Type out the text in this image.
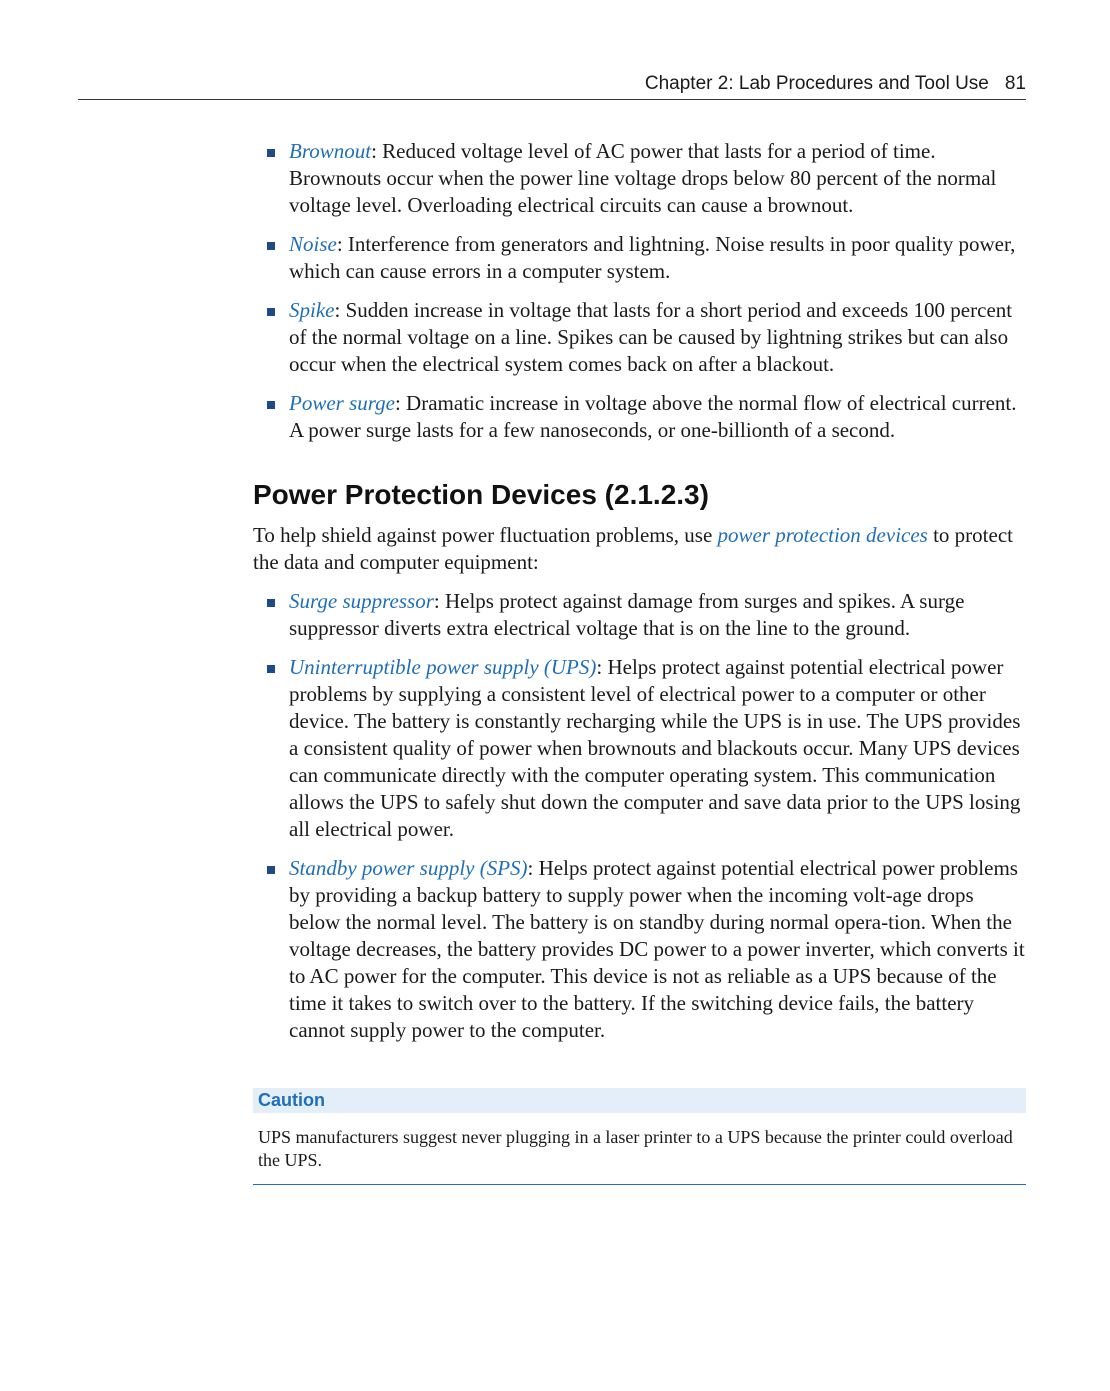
Chapter 2: Lab Procedures and Tool Use 81
Brownout: Reduced voltage level of AC power that lasts for a period of time. Brownouts occur when the power line voltage drops below 80 percent of the normal voltage level. Overloading electrical circuits can cause a brownout.
Noise: Interference from generators and lightning. Noise results in poor quality power, which can cause errors in a computer system.
Spike: Sudden increase in voltage that lasts for a short period and exceeds 100 percent of the normal voltage on a line. Spikes can be caused by lightning strikes but can also occur when the electrical system comes back on after a blackout.
Power surge: Dramatic increase in voltage above the normal flow of electrical current. A power surge lasts for a few nanoseconds, or one-billionth of a second.
Power Protection Devices (2.1.2.3)

To help shield against power fluctuation problems, use power protection devices to protect the data and computer equipment:

Surge suppressor: Helps protect against damage from surges and spikes. A surge suppressor diverts extra electrical voltage that is on the line to the ground.
Uninterruptible power supply (UPS): Helps protect against potential electrical power problems by supplying a consistent level of electrical power to a computer or other device. The battery is constantly recharging while the UPS is in use. The UPS provides a consistent quality of power when brownouts and blackouts occur. Many UPS devices can communicate directly with the computer operating system. This communication allows the UPS to safely shut down the computer and save data prior to the UPS losing all electrical power.
Standby power supply (SPS): Helps protect against potential electrical power problems by providing a backup battery to supply power when the incoming volt-age drops below the normal level. The battery is on standby during normal opera-tion. When the voltage decreases, the battery provides DC power to a power inverter, which converts it to AC power for the computer. This device is not as reliable as a UPS because of the time it takes to switch over to the battery. If the switching device fails, the battery cannot supply power to the computer.
Caution
UPS manufacturers suggest never plugging in a laser printer to a UPS because the printer could overload the UPS.
